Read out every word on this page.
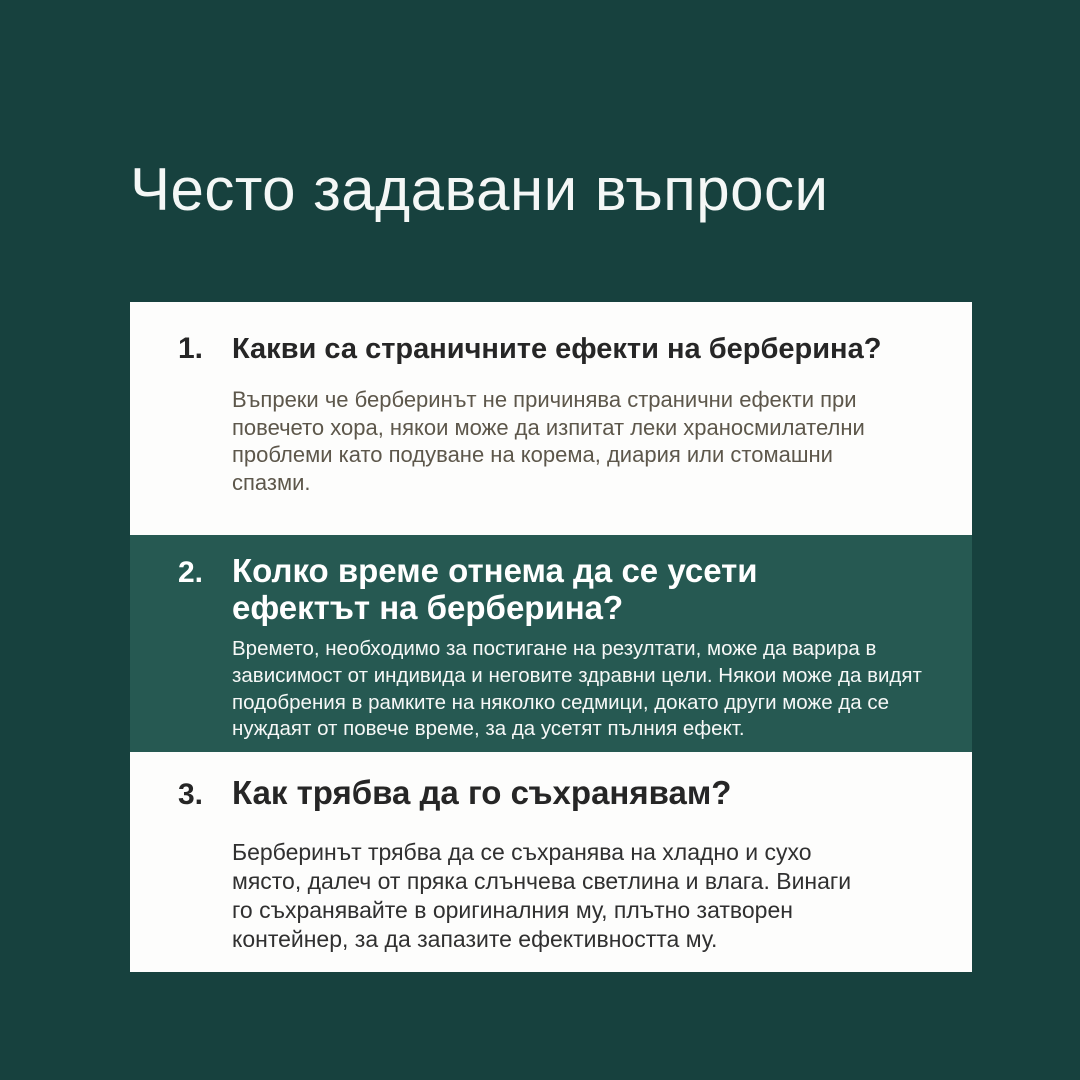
Често задавани въпроси
1. Какви са страничните ефекти на берберина?

Въпреки че берберинът не причинява странични ефекти при повечето хора, някои може да изпитат леки храносмилателни проблеми като подуване на корема, диария или стомашни спазми.

2. Колко време отнема да се усети ефектът на берберина?

Времето, необходимо за постигане на резултати, може да варира в зависимост от индивида и неговите здравни цели. Някои може да видят подобрения в рамките на няколко седмици, докато други може да се нуждаят от повече време, за да усетят пълния ефект.

3. Как трябва да го съхранявам?

Берберинът трябва да се съхранява на хладно и сухо място, далеч от пряка слънчева светлина и влага. Винаги го съхранявайте в оригиналния му, плътно затворен контейнер, за да запазите ефективността му.
